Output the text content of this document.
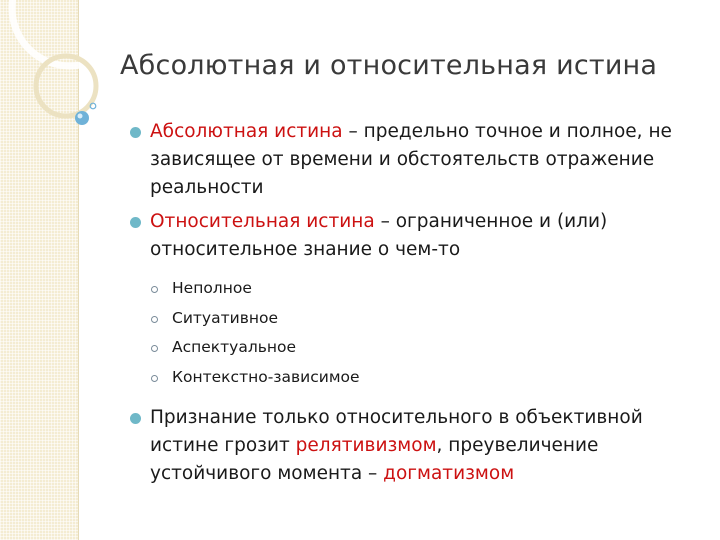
Абсолютная и относительная истина
Абсолютная истина – предельно точное и полное, не зависящее от времени и обстоятельств отражение реальности
Относительная истина – ограниченное и (или) относительное знание о чем-то
Неполное
Ситуативное
Аспектуальное
Контекстно-зависимое
Признание только относительного в объективной истине грозит релятивизмом, преувеличение устойчивого момента – догматизмом
